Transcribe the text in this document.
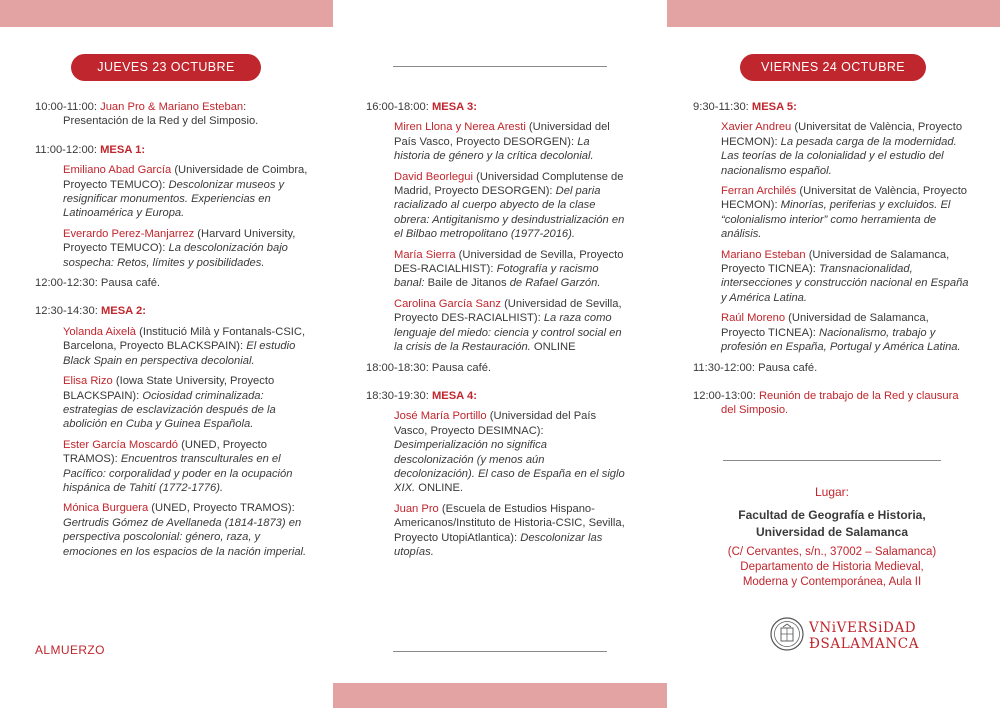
JUEVES 23 OCTUBRE	VIERNES 24 OCTUBRE
10:00-11:00: Juan Pro & Mariano Esteban: Presentación de la Red y del Simposio.
11:00-12:00: MESA 1:
Emiliano Abad García (Universidade de Coimbra, Proyecto TEMUCO): Descolonizar museos y resignificar monumentos. Experiencias en Latinoamérica y Europa.
Everardo Perez-Manjarrez (Harvard University, Proyecto TEMUCO): La descolonización bajo sospecha: Retos, límites y posibilidades.
12:00-12:30: Pausa café.
12:30-14:30: MESA 2:
Yolanda Aixelà (Institució Milà y Fontanals-CSIC, Barcelona, Proyecto BLACKSPAIN): El estudio Black Spain en perspectiva decolonial.
Elisa Rizo (Iowa State University, Proyecto BLACKSPAIN): Ociosidad criminalizada: estrategias de esclavización después de la abolición en Cuba y Guinea Española.
Ester García Moscardó (UNED, Proyecto TRAMOS): Encuentros transculturales en el Pacífico: corporalidad y poder en la ocupación hispánica de Tahití (1772-1776).
Mónica Burguera (UNED, Proyecto TRAMOS): Gertrudis Gómez de Avellaneda (1814-1873) en perspectiva poscolonial: género, raza, y emociones en los espacios de la nación imperial.
ALMUERZO
16:00-18:00: MESA 3:
Miren Llona y Nerea Aresti (Universidad del País Vasco, Proyecto DESORGEN): La historia de género y la crítica decolonial.
David Beorlegui (Universidad Complutense de Madrid, Proyecto DESORGEN): Del paria racializado al cuerpo abyecto de la clase obrera: Antigitanismo y desindustrialización en el Bilbao metropolitano (1977-2016).
María Sierra (Universidad de Sevilla, Proyecto DES-RACIALHIST): Fotografía y racismo banal: Baile de Jitanos de Rafael Garzón.
Carolina García Sanz (Universidad de Sevilla, Proyecto DES-RACIALHIST): La raza como lenguaje del miedo: ciencia y control social en la crisis de la Restauración. ONLINE
18:00-18:30: Pausa café.
18:30-19:30: MESA 4:
José María Portillo (Universidad del País Vasco, Proyecto DESIMNAC): Desimperialización no significa descolonización (y menos aún decolonización). El caso de España en el siglo XIX. ONLINE.
Juan Pro (Escuela de Estudios Hispano-Americanos/Instituto de Historia-CSIC, Sevilla, Proyecto UtopiAtlantica): Descolonizar las utopías.
9:30-11:30: MESA 5:
Xavier Andreu (Universitat de València, Proyecto HECMON): La pesada carga de la modernidad. Las teorías de la colonialidad y el estudio del nacionalismo español.
Ferran Archilés (Universitat de València, Proyecto HECMON): Minorías, periferias y excluidos. El “colonialismo interior” como herramienta de análisis.
Mariano Esteban (Universidad de Salamanca, Proyecto TICNEA): Transnacionalidad, intersecciones y construcción nacional en España y América Latina.
Raúl Moreno (Universidad de Salamanca, Proyecto TICNEA): Nacionalismo, trabajo y profesión en España, Portugal y América Latina.
11:30-12:00: Pausa café.
12:00-13:00: Reunión de trabajo de la Red y clausura del Simposio.
Lugar:
Facultad de Geografía e Historia,
Universidad de Salamanca
(C/ Cervantes, s/n., 37002 – Salamanca)
Departamento de Historia Medieval,
Moderna y Contemporánea, Aula II
VNiVERSiDAD
ÐSALAMANCA
